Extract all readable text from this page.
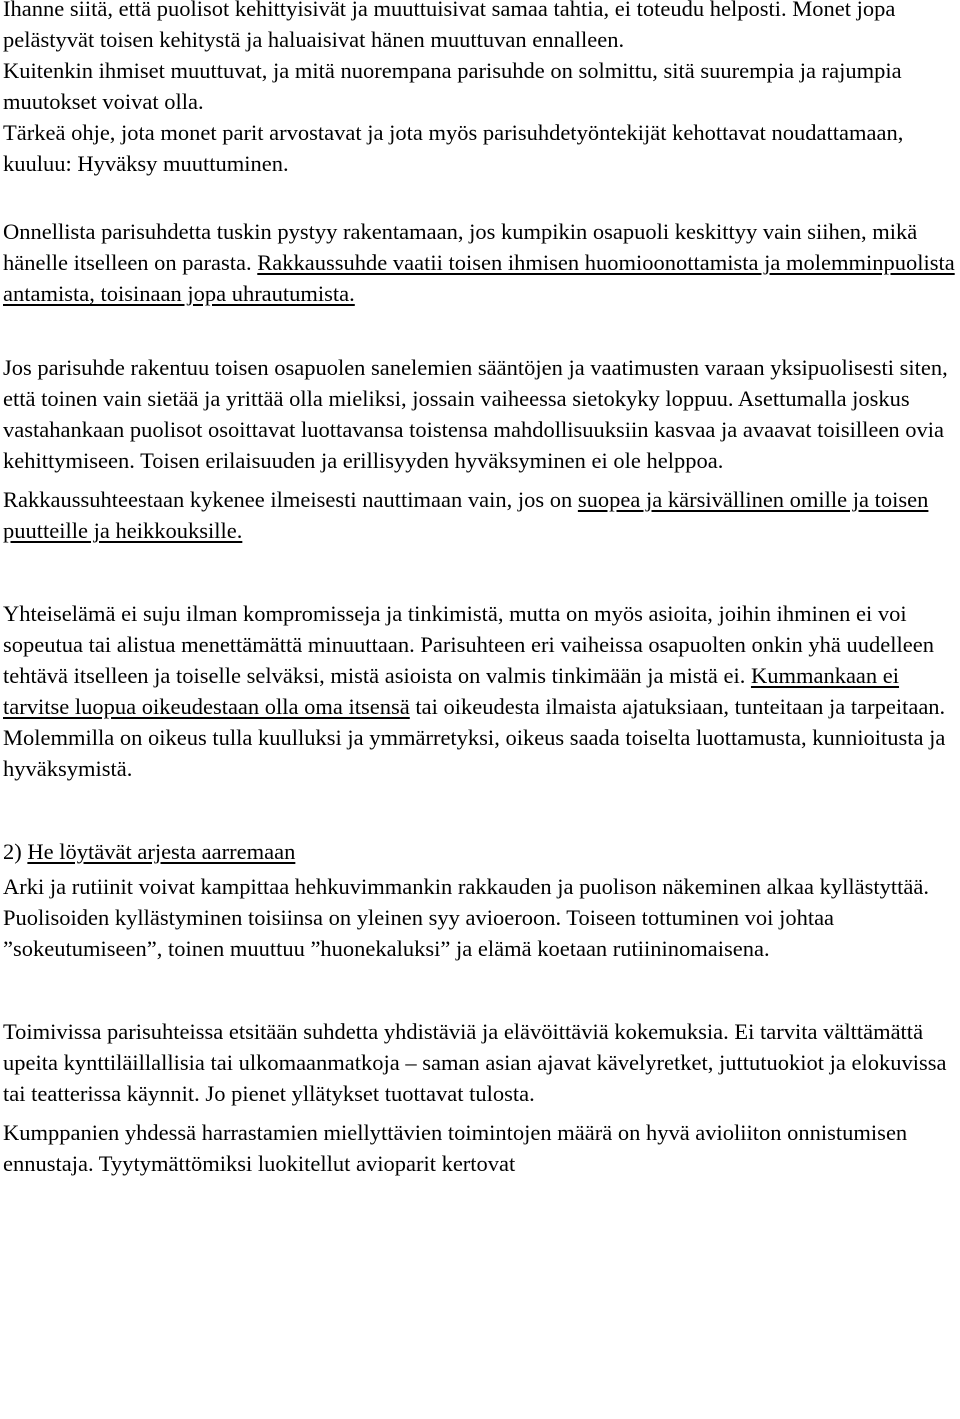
Ihanne siitä, että puolisot kehittyisivät ja muuttuisivat samaa tahtia, ei toteudu helposti. Monet jopa pelästyvät toisen kehitystä ja haluaisivat hänen muuttuvan ennalleen.

Kuitenkin ihmiset muuttuvat, ja mitä nuorempana parisuhde on solmittu, sitä suurempia ja rajumpia muutokset voivat olla.

Tärkeä ohje, jota monet parit arvostavat ja jota myös parisuhdetyöntekijät kehottavat noudattamaan, kuuluu: Hyväksy muuttuminen.

Onnellista parisuhdetta tuskin pystyy rakentamaan, jos kumpikin osapuoli keskittyy vain siihen, mikä hänelle itselleen on parasta. Rakkaussuhde vaatii toisen ihmisen huomioonottamista ja molemminpuolista antamista, toisinaan jopa uhrautumista.

Jos parisuhde rakentuu toisen osapuolen sanelemien sääntöjen ja vaatimusten varaan yksipuolisesti siten, että toinen vain sietää ja yrittää olla mieliksi, jossain vaiheessa sietokyky loppuu. Asettumalla joskus vastahankaan puolisot osoittavat luottavansa toistensa mahdollisuuksiin kasvaa ja avaavat toisilleen ovia kehittymiseen. Toisen erilaisuuden ja erillisyyden hyväksyminen ei ole helppoa.

Rakkaussuhteestaan kykenee ilmeisesti nauttimaan vain, jos on suopea ja kärsivällinen omille ja toisen puutteille ja heikkouksille.

Yhteiselämä ei suju ilman kompromisseja ja tinkimistä, mutta on myös asioita, joihin ihminen ei voi sopeutua tai alistua menettämättä minuuttaan. Parisuhteen eri vaiheissa osapuolten onkin yhä uudelleen tehtävä itselleen ja toiselle selväksi, mistä asioista on valmis tinkimään ja mistä ei. Kummankaan ei tarvitse luopua oikeudestaan olla oma itsensä tai oikeudesta ilmaista ajatuksiaan, tunteitaan ja tarpeitaan. Molemmilla on oikeus tulla kuulluksi ja ymmärretyksi, oikeus saada toiselta luottamusta, kunnioitusta ja hyväksymistä.

2) He löytävät arjesta aarremaan

Arki ja rutiinit voivat kampittaa hehkuvimmankin rakkauden ja puolison näkeminen alkaa kyllästyttää. Puolisoiden kyllästyminen toisiinsa on yleinen syy avioeroon. Toiseen tottuminen voi johtaa ”sokeutumiseen”, toinen muuttuu ”huonekaluksi” ja elämä koetaan rutiininomaisena.

Toimivissa parisuhteissa etsitään suhdetta yhdistäviä ja elävöittäviä kokemuksia. Ei tarvita välttämättä upeita kynttiläillallisia tai ulkomaanmatkoja – saman asian ajavat kävelyretket, juttutuokiot ja elokuvissa tai teatterissa käynnit. Jo pienet yllätykset tuottavat tulosta.

Kumppanien yhdessä harrastamien miellyttävien toimintojen määrä on hyvä avioliiton onnistumisen ennustaja. Tyytymättömiksi luokitellut avioparit kertovat
